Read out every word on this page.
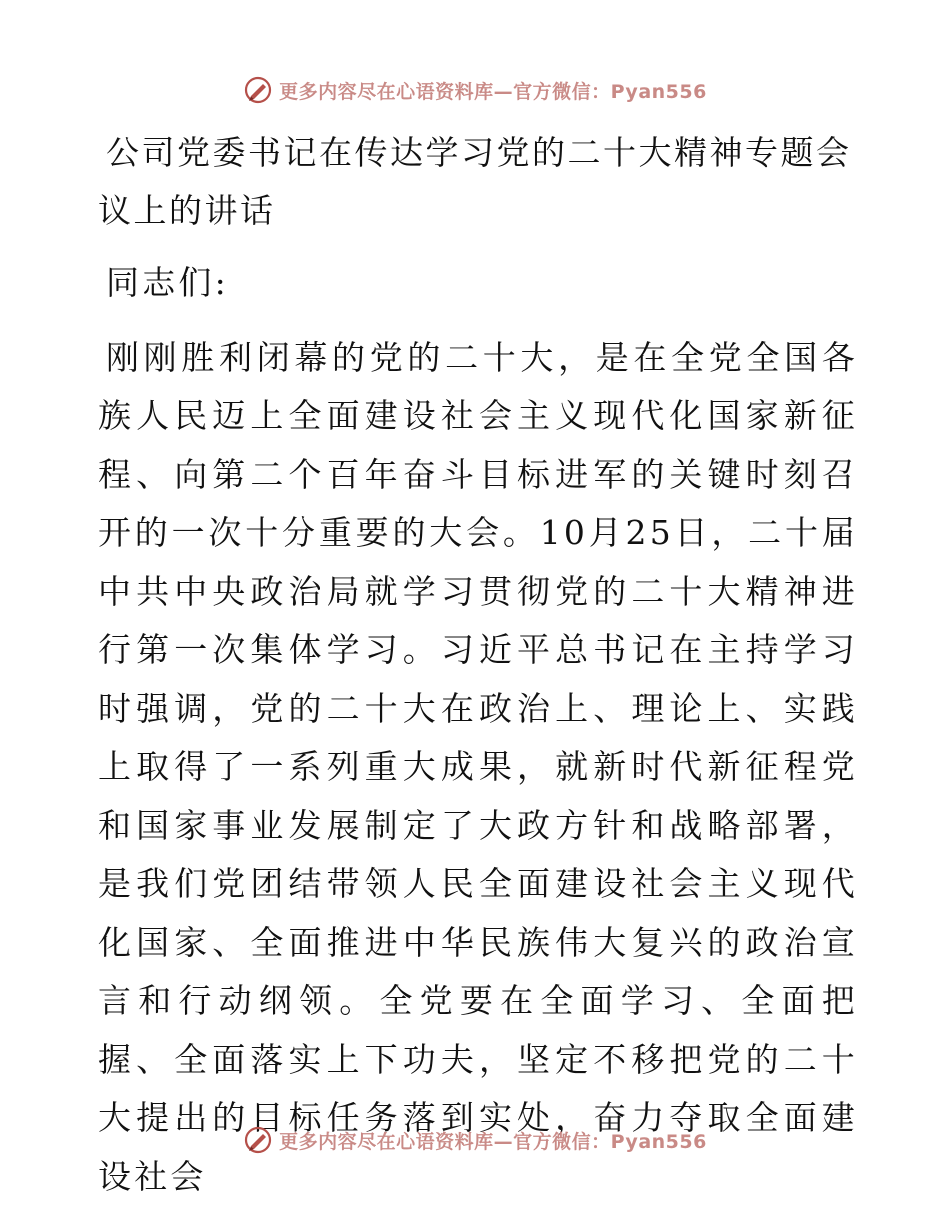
更多内容尽在心语资料库—官方微信：Pyan556
公司党委书记在传达学习党的二十大精神专题会议上的讲话

同志们:

刚刚胜利闭幕的党的二十大，是在全党全国各族人民迈上全面建设社会主义现代化国家新征程、向第二个百年奋斗目标进军的关键时刻召开的一次十分重要的大会。10月25日，二十届中共中央政治局就学习贯彻党的二十大精神进行第一次集体学习。习近平总书记在主持学习时强调，党的二十大在政治上、理论上、实践上取得了一系列重大成果，就新时代新征程党和国家事业发展制定了大政方针和战略部署，是我们党团结带领人民全面建设社会主义现代化国家、全面推进中华民族伟大复兴的政治宣言和行动纲领。全党要在全面学习、全面把握、全面落实上下功夫，坚定不移把党的二十大提出的目标任务落到实处，奋力夺取全面建设社会

更多内容尽在心语资料库—官方微信：Pyan556
